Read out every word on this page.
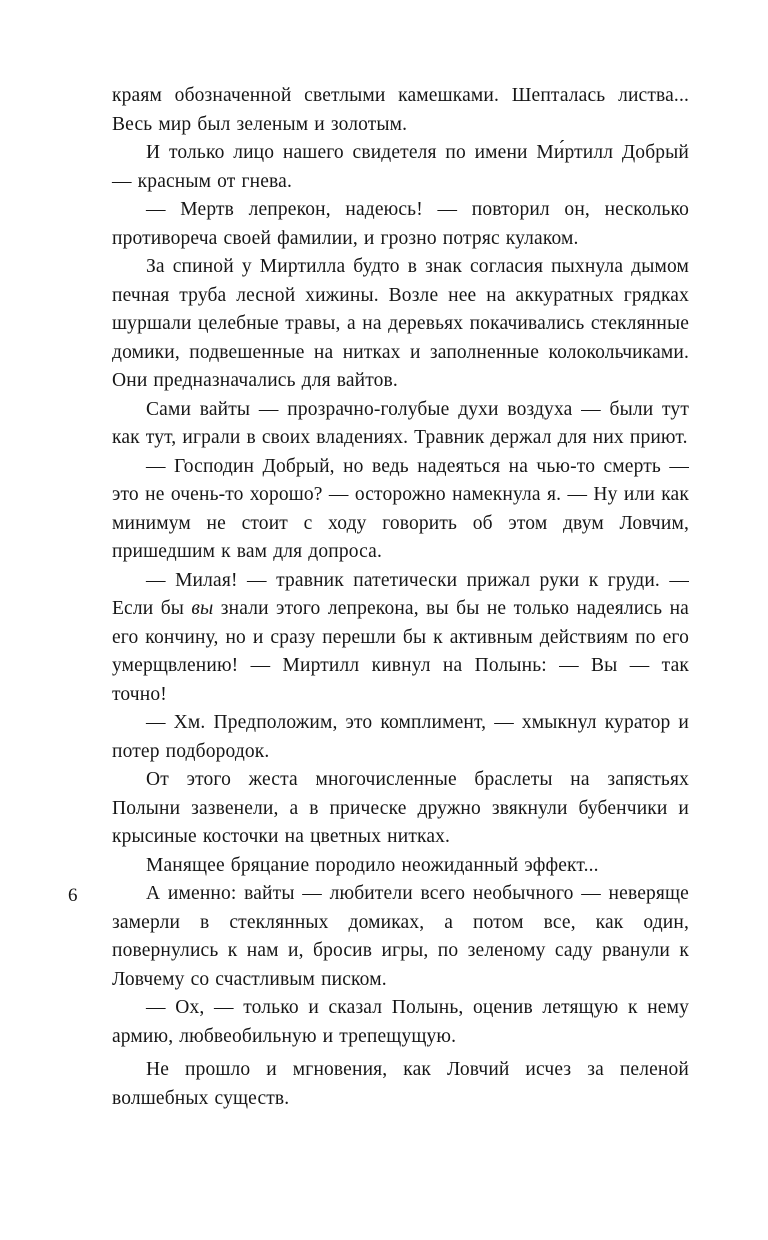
6

краям обозначенной светлыми камешками. Шепталась листва... Весь мир был зеленым и золотым.

И только лицо нашего свидетеля по имени Ми́ртилл Добрый — красным от гнева.

— Мертв лепрекон, надеюсь! — повторил он, несколько противореча своей фамилии, и грозно потряс кулаком.

За спиной у Миртилла будто в знак согласия пыхнула дымом печная труба лесной хижины. Возле нее на аккуратных грядках шуршали целебные травы, а на деревьях покачивались стеклянные домики, подвешенные на нитках и заполненные колокольчиками. Они предназначались для вайтов.

Сами вайты — прозрачно-голубые духи воздуха — были тут как тут, играли в своих владениях. Травник держал для них приют.

— Господин Добрый, но ведь надеяться на чью-то смерть — это не очень-то хорошо? — осторожно намекнула я. — Ну или как минимум не стоит с ходу говорить об этом двум Ловчим, пришедшим к вам для допроса.

— Милая! — травник патетически прижал руки к груди. — Если бы вы знали этого лепрекона, вы бы не только надеялись на его кончину, но и сразу перешли бы к активным действиям по его умерщвлению! — Миртилл кивнул на Полынь: — Вы — так точно!

— Хм. Предположим, это комплимент, — хмыкнул куратор и потер подбородок.

От этого жеста многочисленные браслеты на запястьях Полыни зазвенели, а в прическе дружно звякнули бубенчики и крысиные косточки на цветных нитках.

Манящее бряцание породило неожиданный эффект...

А именно: вайты — любители всего необычного — неверяще замерли в стеклянных домиках, а потом все, как один, повернулись к нам и, бросив игры, по зеленому саду рванули к Ловчему со счастливым писком.

— Ох, — только и сказал Полынь, оценив летящую к нему армию, любвеобильную и трепещущую.

Не прошло и мгновения, как Ловчий исчез за пеленой волшебных существ.
